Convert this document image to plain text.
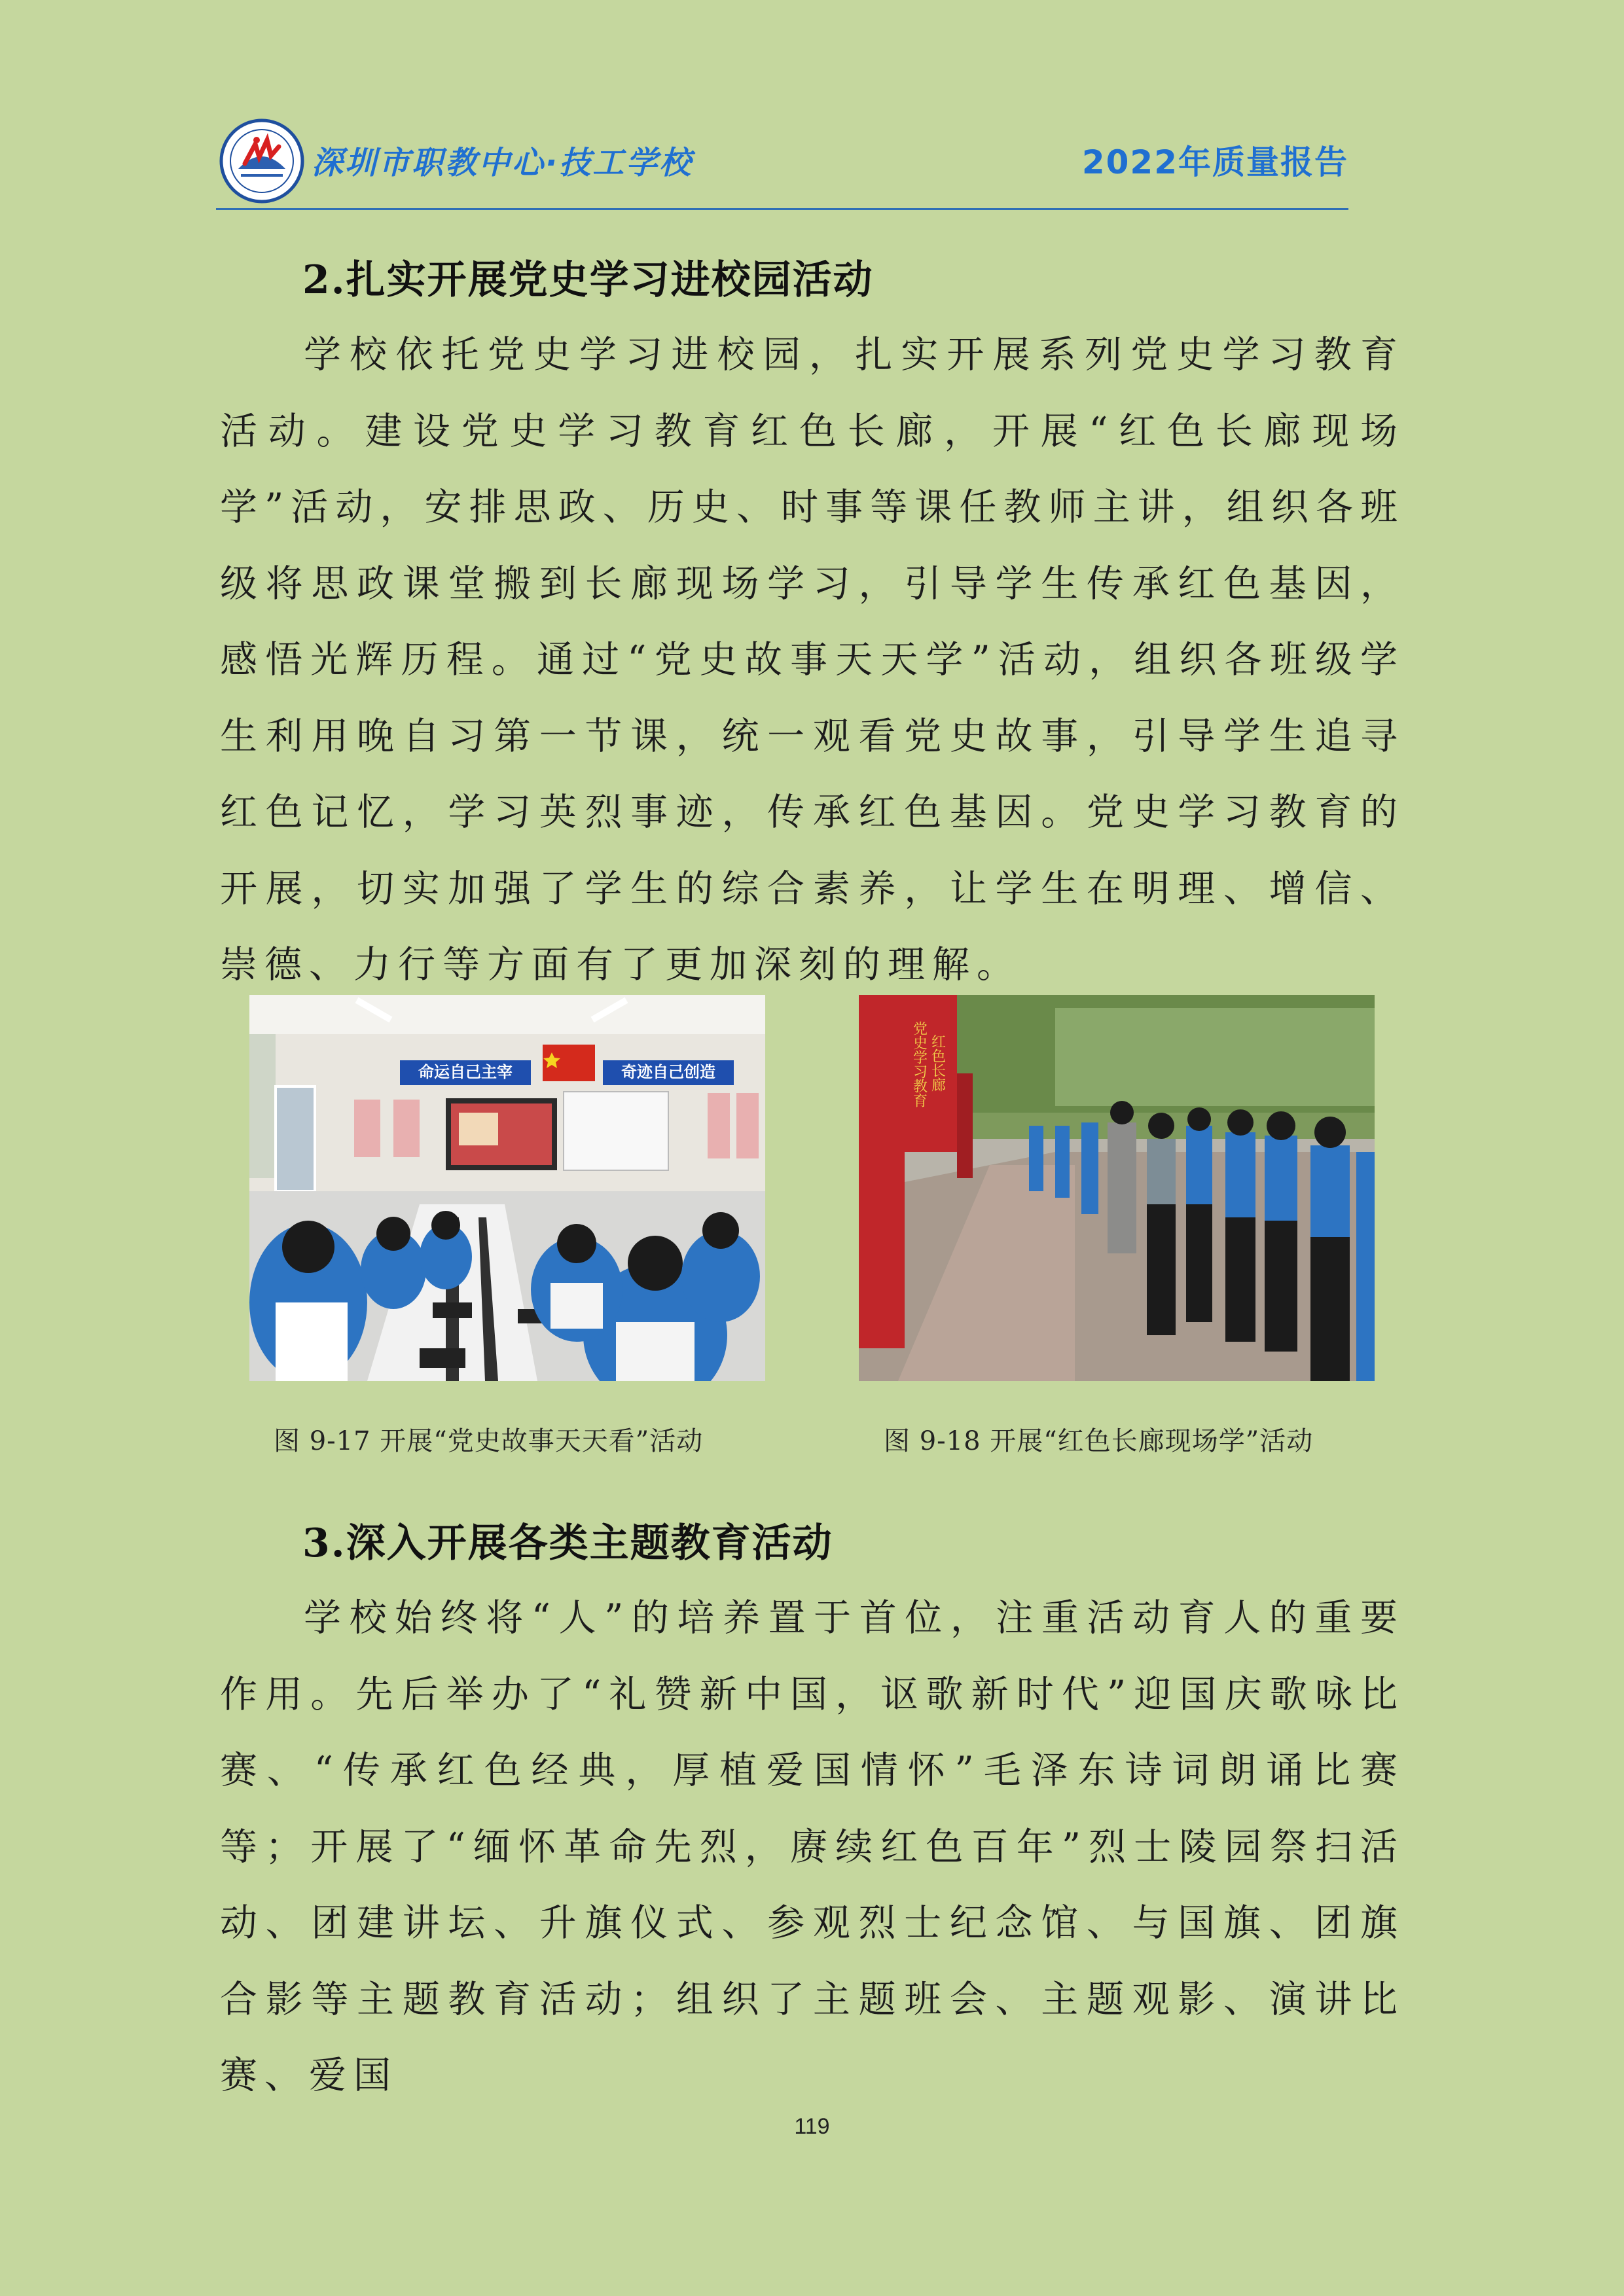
深圳市职教中心·技工学校	2022年质量报告
2.扎实开展党史学习进校园活动
学校依托党史学习进校园，扎实开展系列党史学习教育活动。建设党史学习教育红色长廊，开展“红色长廊现场学”活动，安排思政、历史、时事等课任教师主讲，组织各班级将思政课堂搬到长廊现场学习，引导学生传承红色基因，感悟光辉历程。通过“党史故事天天学”活动，组织各班级学生利用晚自习第一节课，统一观看党史故事，引导学生追寻红色记忆，学习英烈事迹，传承红色基因。党史学习教育的开展，切实加强了学生的综合素养，让学生在明理、增信、崇德、力行等方面有了更加深刻的理解。
命运自己主宰	奇迹自己创造	党史学习教育 红色长廊
图 9-17 开展“党史故事天天看”活动	图 9-18 开展“红色长廊现场学”活动
3.深入开展各类主题教育活动
学校始终将“人”的培养置于首位，注重活动育人的重要作用。先后举办了“礼赞新中国，讴歌新时代”迎国庆歌咏比赛、“传承红色经典，厚植爱国情怀”毛泽东诗词朗诵比赛等；开展了“缅怀革命先烈，赓续红色百年”烈士陵园祭扫活动、团建讲坛、升旗仪式、参观烈士纪念馆、与国旗、团旗合影等主题教育活动；组织了主题班会、主题观影、演讲比赛、爱国
119
